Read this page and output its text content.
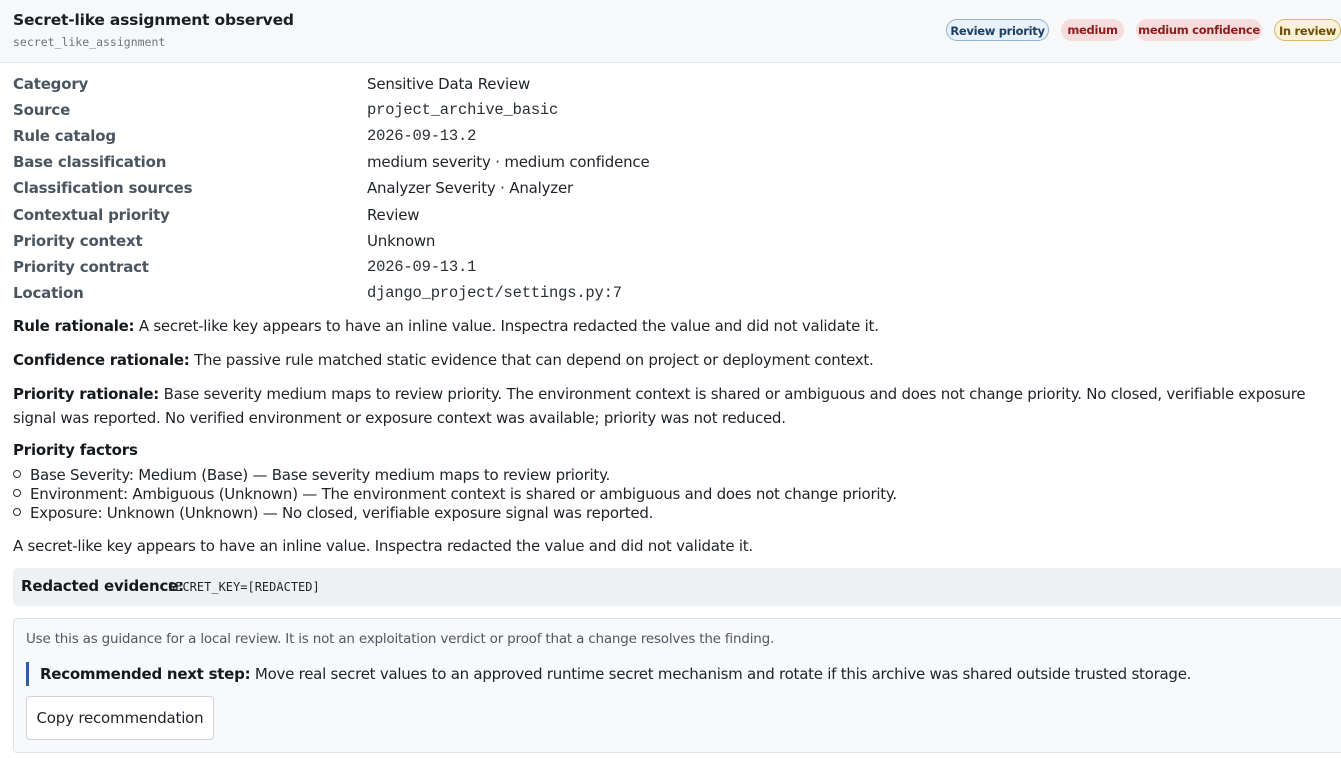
Secret-like assignment observed
secret_like_assignment
Review priority	medium	medium confidence	In review
Category	Sensitive Data Review
Source	project_archive_basic
Rule catalog	2026-09-13.2
Base classification	medium severity · medium confidence
Classification sources	Analyzer Severity · Analyzer
Contextual priority	Review
Priority context	Unknown
Priority contract	2026-09-13.1
Location	django_project/settings.py:7
Rule rationale: A secret-like key appears to have an inline value. Inspectra redacted the value and did not validate it.
Confidence rationale: The passive rule matched static evidence that can depend on project or deployment context.
Priority rationale: Base severity medium maps to review priority. The environment context is shared or ambiguous and does not change priority. No closed, verifiable exposure signal was reported. No verified environment or exposure context was available; priority was not reduced.
Priority factors
Base Severity: Medium (Base) — Base severity medium maps to review priority.
Environment: Ambiguous (Unknown) — The environment context is shared or ambiguous and does not change priority.
Exposure: Unknown (Unknown) — No closed, verifiable exposure signal was reported.
A secret-like key appears to have an inline value. Inspectra redacted the value and did not validate it.
Redacted evidence:
SECRET_KEY=[REDACTED]
Use this as guidance for a local review. It is not an exploitation verdict or proof that a change resolves the finding.
Recommended next step: Move real secret values to an approved runtime secret mechanism and rotate if this archive was shared outside trusted storage.
Copy recommendation
